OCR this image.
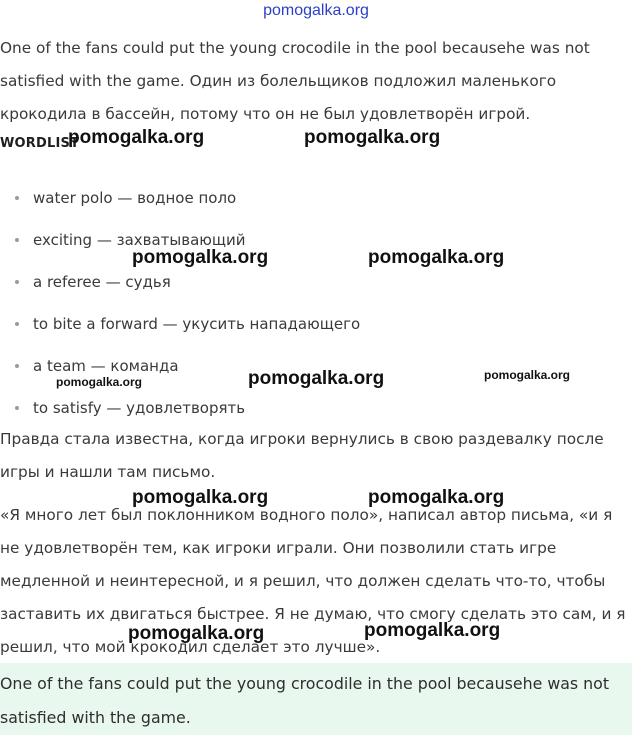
pomogalka.org

One of the fans could put the young crocodile in the pool becausehe was not satisfied with the game. Один из болельщиков подложил маленького крокодила в бассейн, потому что он не был удовлетворён игрой.

WORDLIST
water polo — водное поло
exciting — захватывающий
a referee — судья
to bite a forward — укусить нападающего
a team — команда
to satisfy — удовлетворять

Правда стала известна, когда игроки вернулись в свою раздевалку после игры и нашли там письмо.

«Я много лет был поклонником водного поло», написал автор письма, «и я не удовлетворён тем, как игроки играли. Они позволили стать игре медленной и неинтересной, и я решил, что должен сделать что-то, чтобы заставить их двигаться быстрее. Я не думаю, что смогу сделать это сам, и я решил, что мой крокодил сделает это лучше».

One of the fans could put the young crocodile in the pool becausehe was not satisfied with the game.

pomogalka.org	pomogalka.org
pomogalka.org	pomogalka.org
pomogalka.org	pomogalka.org	pomogalka.org
pomogalka.org	pomogalka.org
pomogalka.org	pomogalka.org
